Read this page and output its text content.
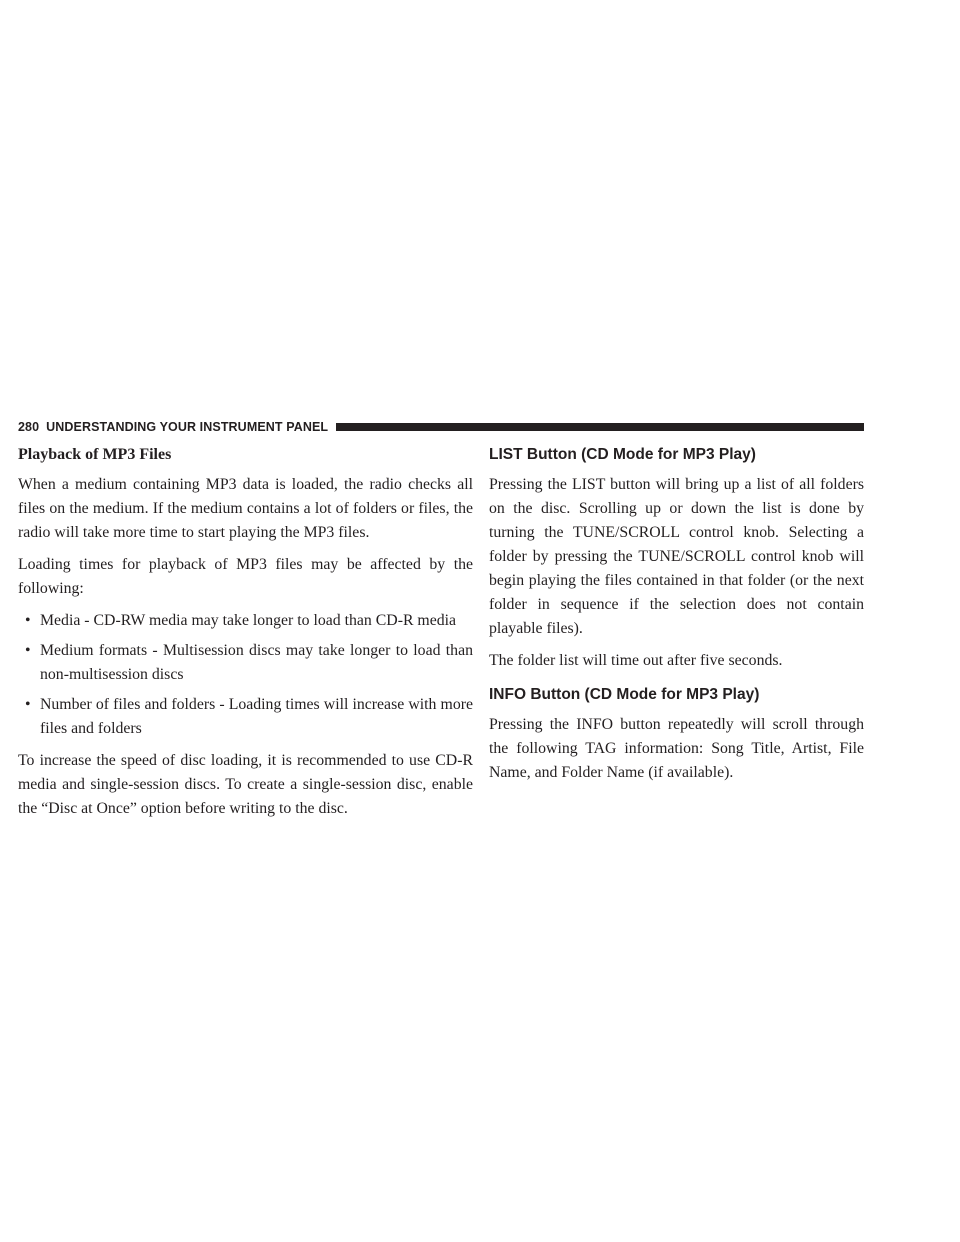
280 UNDERSTANDING YOUR INSTRUMENT PANEL
Playback of MP3 Files

When a medium containing MP3 data is loaded, the radio checks all files on the medium. If the medium contains a lot of folders or files, the radio will take more time to start playing the MP3 files.

Loading times for playback of MP3 files may be affected by the following:

• Media - CD-RW media may take longer to load than CD-R media
• Medium formats - Multisession discs may take longer to load than non-multisession discs
• Number of files and folders - Loading times will increase with more files and folders

To increase the speed of disc loading, it is recommended to use CD-R media and single-session discs. To create a single-session disc, enable the “Disc at Once” option before writing to the disc.

LIST Button (CD Mode for MP3 Play)

Pressing the LIST button will bring up a list of all folders on the disc. Scrolling up or down the list is done by turning the TUNE/SCROLL control knob. Selecting a folder by pressing the TUNE/SCROLL control knob will begin playing the files contained in that folder (or the next folder in sequence if the selection does not contain playable files).

The folder list will time out after five seconds.

INFO Button (CD Mode for MP3 Play)

Pressing the INFO button repeatedly will scroll through the following TAG information: Song Title, Artist, File Name, and Folder Name (if available).
